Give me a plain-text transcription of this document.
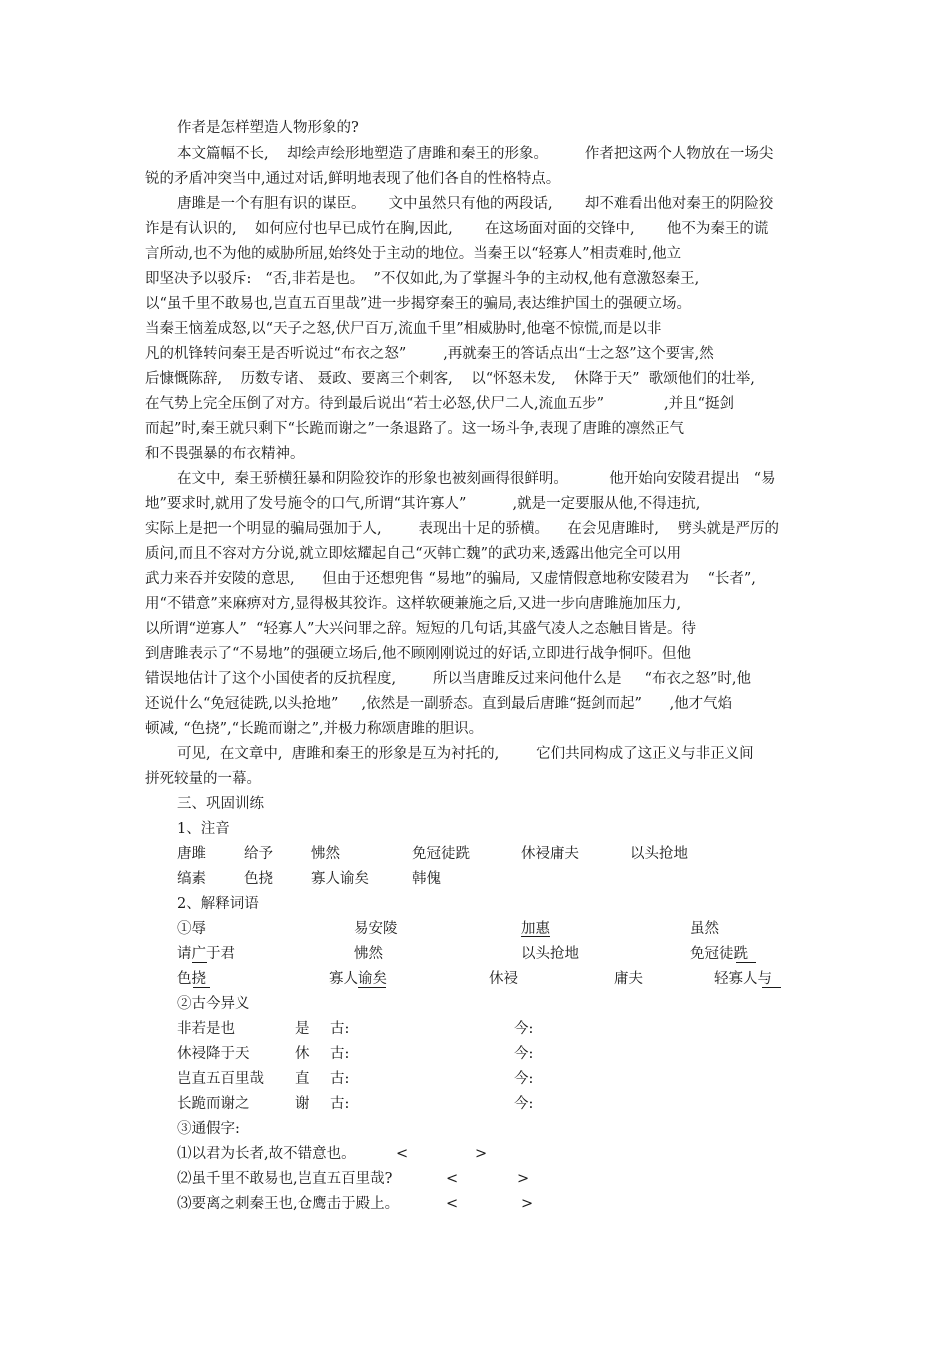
作者是怎样塑造人物形象的?
本文篇幅不长,    却绘声绘形地塑造了唐雎和秦王的形象。        作者把这两个人物放在一场尖
锐的矛盾冲突当中,通过对话,鲜明地表现了他们各自的性格特点。
唐雎是一个有胆有识的谋臣。     文中虽然只有他的两段话,       却不难看出他对秦王的阴险狡
诈是有认识的,    如何应付也早已成竹在胸,因此,       在这场面对面的交锋中,       他不为秦王的谎
言所动,也不为他的威胁所屈,始终处于主动的地位。当秦王以“轻寡人”相责难时,他立
即坚决予以驳斥:   “否,非若是也。  ”不仅如此,为了掌握斗争的主动权,他有意激怒秦王,
以“虽千里不敢易也,岂直五百里哉”进一步揭穿秦王的骗局,表达维护国土的强硬立场。
当秦王恼羞成怒,以“天子之怒,伏尸百万,流血千里”相威胁时,他毫不惊慌,而是以非
凡的机锋转问秦王是否听说过“布衣之怒”        ,再就秦王的答话点出“士之怒”这个要害,然
后慷慨陈辞,    历数专诸、 聂政、要离三个刺客,    以“怀怒未发,    休降于天”  歌颂他们的壮举,
在气势上完全压倒了对方。待到最后说出“若士必怒,伏尸二人,流血五步”             ,并且“挺剑
而起”时,秦王就只剩下“长跪而谢之”一条退路了。这一场斗争,表现了唐雎的凛然正气
和不畏强暴的布衣精神。
在文中,  秦王骄横狂暴和阴险狡诈的形象也被刻画得很鲜明。         他开始向安陵君提出   “易
地”要求时,就用了发号施令的口气,所谓“其许寡人”          ,就是一定要服从他,不得违抗,
实际上是把一个明显的骗局强加于人,        表现出十足的骄横。    在会见唐雎时,    劈头就是严厉的
质问,而且不容对方分说,就立即炫耀起自己“灭韩亡魏”的武功来,透露出他完全可以用
武力来吞并安陵的意思,      但由于还想兜售 “易地”的骗局,  又虚情假意地称安陵君为    “长者”,
用“不错意”来麻痹对方,显得极其狡诈。这样软硬兼施之后,又进一步向唐雎施加压力,
以所谓“逆寡人”  “轻寡人”大兴问罪之辞。短短的几句话,其盛气凌人之态触目皆是。待
到唐雎表示了“不易地”的强硬立场后,他不顾刚刚说过的好话,立即进行战争恫吓。但他
错误地估计了这个小国使者的反抗程度,        所以当唐雎反过来问他什么是     “布衣之怒”时,他
还说什么“免冠徒跣,以头抢地”     ,依然是一副骄态。直到最后唐雎“挺剑而起”      ,他才气焰
顿减, “色挠”,“长跪而谢之”,并极力称颂唐雎的胆识。
可见,  在文章中,  唐雎和秦王的形象是互为衬托的,        它们共同构成了这正义与非正义间
拼死较量的一幕。
三、巩固训练
1、注音
唐雎	给予	怫然	免冠徒跣	休祲庸夫	以头抢地
缟素	色挠	寡人谕矣	韩傀
2、解释词语
①辱	易安陵	加惠	虽然
请广于君	怫然	以头抢地	免冠徒跣
色挠	寡人谕矣	休祲	庸夫	轻寡人与
②古今异义
非若是也	是 古:	今:
休祲降于天	休 古:	今:
岂直五百里哉 直 古:	今:
长跪而谢之	谢 古:	今:
③通假字:
⑴以君为长者,故不错意也。	<	>
⑵虽千里不敢易也,岂直五百里哉?	<	>
⑶要离之刺秦王也,仓鹰击于殿上。	<	>
